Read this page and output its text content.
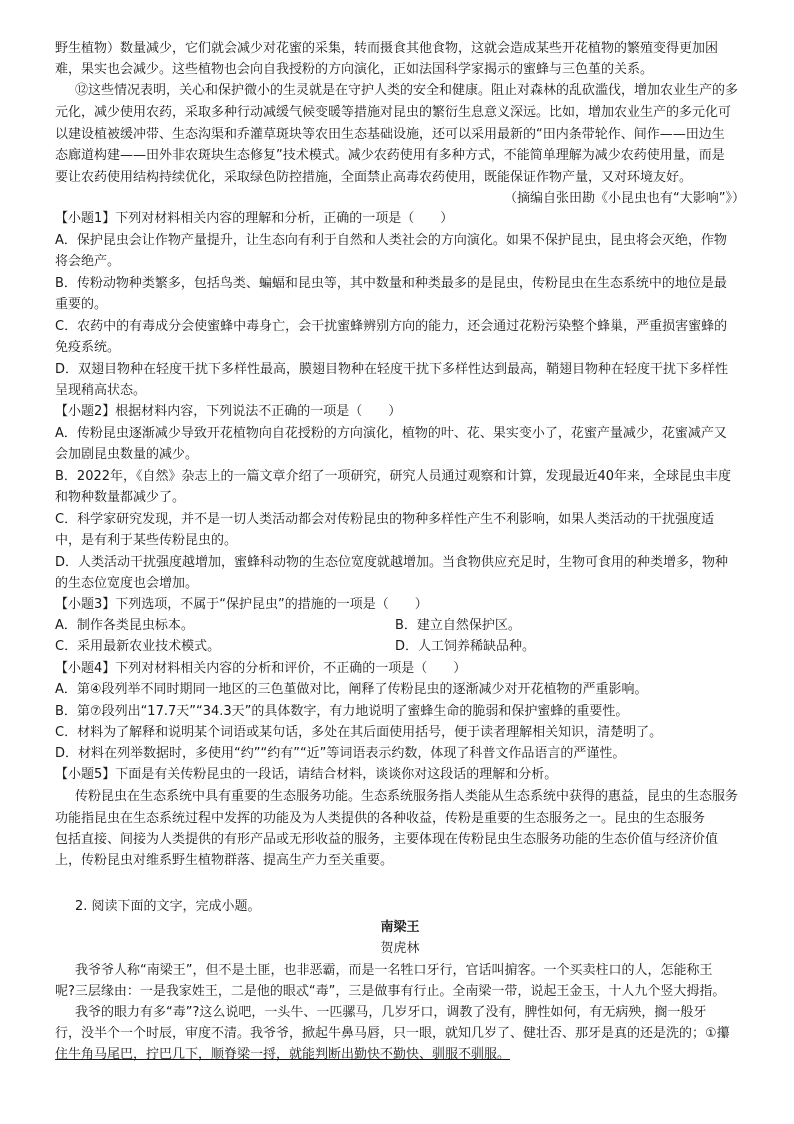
野生植物）数量减少，它们就会减少对花蜜的采集，转而摄食其他食物，这就会造成某些开花植物的繁殖变得更加困
难，果实也会减少。这些植物也会向自我授粉的方向演化，正如法国科学家揭示的蜜蜂与三色堇的关系。
⑫这些情况表明，关心和保护微小的生灵就是在守护人类的安全和健康。阻止对森林的乱砍滥伐，增加农业生产的多
元化，减少使用农药，采取多种行动减缓气候变暖等措施对昆虫的繁衍生息意义深远。比如，增加农业生产的多元化可
以建设植被缓冲带、生态沟渠和乔灌草斑块等农田生态基础设施，还可以采用最新的“田内条带轮作、间作——田边生
态廊道构建——田外非农斑块生态修复”技术模式。减少农药使用有多种方式，不能简单理解为减少农药使用量，而是
要让农药使用结构持续优化，采取绿色防控措施，全面禁止高毒农药使用，既能保证作物产量，又对环境友好。
（摘编自张田勘《小昆虫也有“大影响”》）
【小题1】下列对材料相关内容的理解和分析，正确的一项是（　　）
A．保护昆虫会让作物产量提升，让生态向有利于自然和人类社会的方向演化。如果不保护昆虫，昆虫将会灭绝，作物
将会绝产。
B．传粉动物种类繁多，包括鸟类、蝙蝠和昆虫等，其中数量和种类最多的是昆虫，传粉昆虫在生态系统中的地位是最
重要的。
C．农药中的有毒成分会使蜜蜂中毒身亡，会干扰蜜蜂辨别方向的能力，还会通过花粉污染整个蜂巢，严重损害蜜蜂的
免疫系统。
D．双翅目物种在轻度干扰下多样性最高，膜翅目物种在轻度干扰下多样性达到最高，鞘翅目物种在轻度干扰下多样性
呈现稍高状态。
【小题2】根据材料内容，下列说法不正确的一项是（　　）
A．传粉昆虫逐渐减少导致开花植物向自花授粉的方向演化，植物的叶、花、果实变小了，花蜜产量减少，花蜜减产又
会加剧昆虫数量的减少。
B．2022年，《自然》杂志上的一篇文章介绍了一项研究，研究人员通过观察和计算，发现最近40年来，全球昆虫丰度
和物种数量都减少了。
C．科学家研究发现，并不是一切人类活动都会对传粉昆虫的物种多样性产生不利影响，如果人类活动的干扰强度适
中，是有利于某些传粉昆虫的。
D．人类活动干扰强度越增加，蜜蜂科动物的生态位宽度就越增加。当食物供应充足时，生物可食用的种类增多，物种
的生态位宽度也会增加。
【小题3】下列选项，不属于“保护昆虫”的措施的一项是（　　）
A．制作各类昆虫标本。	B．建立自然保护区。
C．采用最新农业技术模式。	D．人工饲养稀缺品种。
【小题4】下列对材料相关内容的分析和评价，不正确的一项是（　　）
A．第④段列举不同时期同一地区的三色堇做对比，阐释了传粉昆虫的逐渐减少对开花植物的严重影响。
B．第⑦段列出“17.7天”“34.3天”的具体数字，有力地说明了蜜蜂生命的脆弱和保护蜜蜂的重要性。
C．材料为了解释和说明某个词语或某句话，多处在其后面使用括号，便于读者理解相关知识，清楚明了。
D．材料在列举数据时，多使用“约”“约有”“近”等词语表示约数，体现了科普文作品语言的严谨性。
【小题5】下面是有关传粉昆虫的一段话，请结合材料，谈谈你对这段话的理解和分析。
传粉昆虫在生态系统中具有重要的生态服务功能。生态系统服务指人类能从生态系统中获得的惠益，昆虫的生态服务
功能指昆虫在生态系统过程中发挥的功能及为人类提供的各种收益，传粉是重要的生态服务之一。昆虫的生态服务
包括直接、间接为人类提供的有形产品或无形收益的服务，主要体现在传粉昆虫生态服务功能的生态价值与经济价值
上，传粉昆虫对维系野生植物群落、提高生产力至关重要。
2. 阅读下面的文字，完成小题。
南梁王
贺虎林
我爷爷人称“南梁王”，但不是土匪，也非恶霸，而是一名牲口牙行，官话叫掮客。一个买卖柱口的人，怎能称王
呢?三层缘由：一是我家姓王，二是他的眼忒“毒”，三是做事有行止。全南梁一带，说起王金玉，十人九个竖大拇指。
我爷的眼力有多“毒”?这么说吧，一头牛、一匹骡马，几岁牙口，调教了没有，脾性如何，有无病殃，搁一般牙
行，没半个一个时辰，审度不清。我爷爷，掀起牛鼻马唇，只一眼，就知几岁了、健壮否、那牙是真的还是洗的；①攥
住牛角马尾巴，拧巴几下，顺脊梁一捋，就能判断出勤快不勤快、驯服不驯服。
